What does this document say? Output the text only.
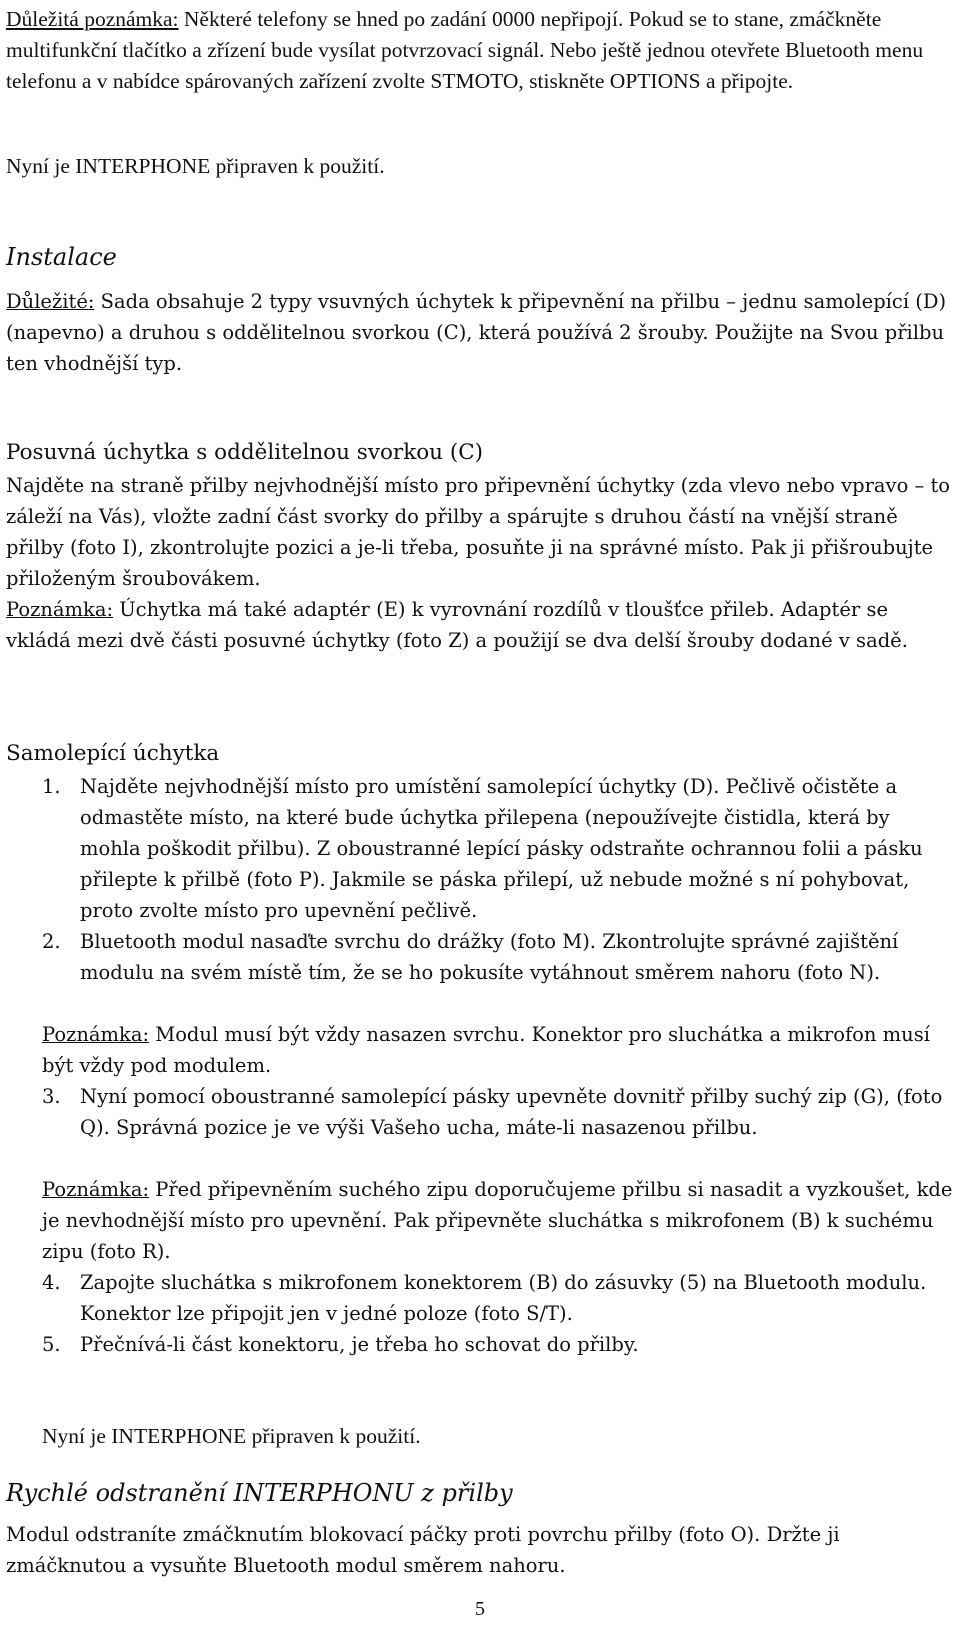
Důležitá poznámka: Některé telefony se hned po zadání 0000 nepřipojí. Pokud se to stane, zmáčkněte multifunkční tlačítko a zřízení bude vysílat potvrzovací signál. Nebo ještě jednou otevřete Bluetooth menu telefonu a v nabídce spárovaných zařízení zvolte STMOTO, stiskněte OPTIONS a připojte.

Nyní je INTERPHONE připraven k použití.

Instalace

Důležité: Sada obsahuje 2 typy vsuvných úchytek k připevnění na přilbu – jednu samolepící (D) (napevno) a druhou s oddělitelnou svorkou (C), která používá 2 šrouby. Použijte na Svou přilbu ten vhodnější typ.

Posuvná úchytka s oddělitelnou svorkou (C)

Najděte na straně přilby nejvhodnější místo pro připevnění úchytky (zda vlevo nebo vpravo – to záleží na Vás), vložte zadní část svorky do přilby a spárujte s druhou částí na vnější straně přilby (foto I), zkontrolujte pozici a je-li třeba, posuňte ji na správné místo. Pak ji přišroubujte přiloženým šroubovákem.

Poznámka: Úchytka má také adaptér (E) k vyrovnání rozdílů v tloušťce přileb. Adaptér se vkládá mezi dvě části posuvné úchytky (foto Z) a použijí se dva delší šrouby dodané v sadě.

Samolepící úchytka

1. Najděte nejvhodnější místo pro umístění samolepící úchytky (D). Pečlivě očistěte a odmastěte místo, na které bude úchytka přilepena (nepoužívejte čistidla, která by mohla poškodit přilbu). Z oboustranné lepící pásky odstraňte ochrannou folii a pásku přilepte k přilbě (foto P). Jakmile se páska přilepí, už nebude možné s ní pohybovat, proto zvolte místo pro upevnění pečlivě.
2. Bluetooth modul nasaďte svrchu do drážky (foto M). Zkontrolujte správné zajištění modulu na svém místě tím, že se ho pokusíte vytáhnout směrem nahoru (foto N).

Poznámka: Modul musí být vždy nasazen svrchu. Konektor pro sluchátka a mikrofon musí být vždy pod modulem.

3. Nyní pomocí oboustranné samolepící pásky upevněte dovnitř přilby suchý zip (G), (foto Q). Správná pozice je ve výši Vašeho ucha, máte-li nasazenou přilbu.

Poznámka: Před připevněním suchého zipu doporučujeme přilbu si nasadit a vyzkoušet, kde je nevhodnější místo pro upevnění. Pak připevněte sluchátka s mikrofonem (B) k suchému zipu (foto R).

4. Zapojte sluchátka s mikrofonem konektorem (B) do zásuvky (5) na Bluetooth modulu. Konektor lze připojit jen v jedné poloze (foto S/T).
5. Přečnívá-li část konektoru, je třeba ho schovat do přilby.

Nyní je INTERPHONE připraven k použití.

Rychlé odstranění INTERPHONU z přilby

Modul odstraníte zmáčknutím blokovací páčky proti povrchu přilby (foto O). Držte ji zmáčknutou a vysuňte Bluetooth modul směrem nahoru.

5
